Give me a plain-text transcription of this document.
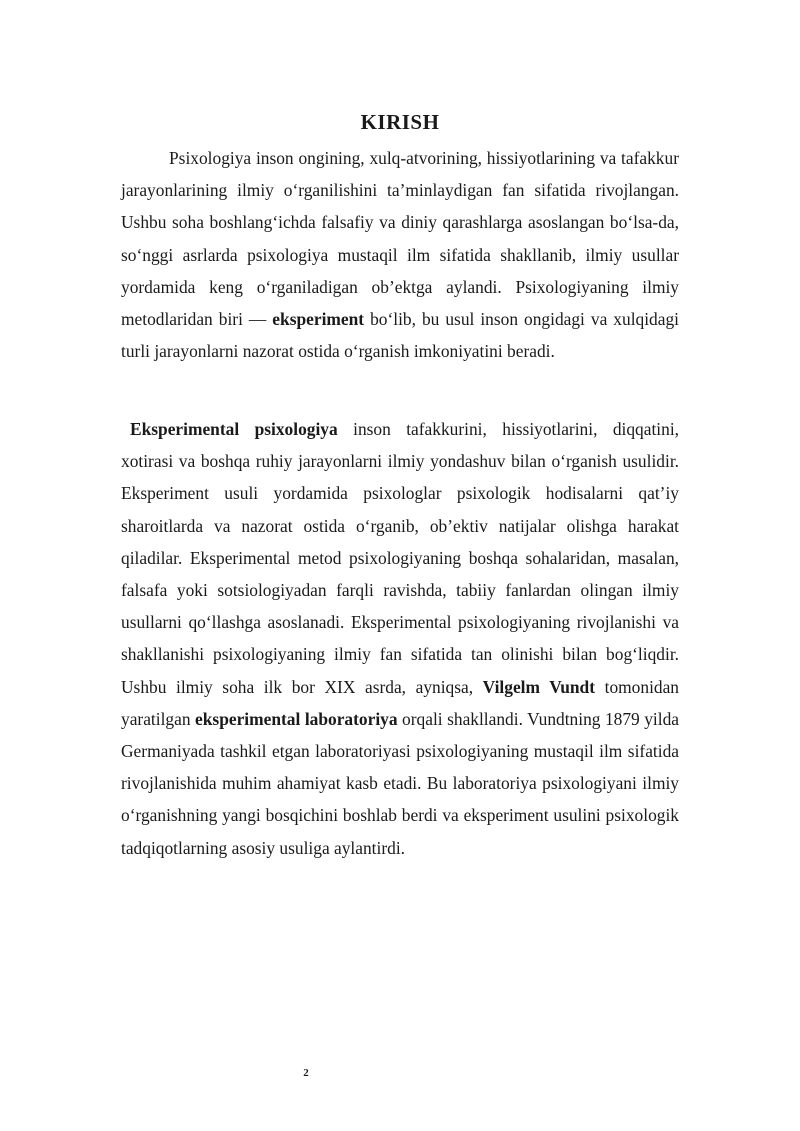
KIRISH

Psixologiya inson ongining, xulq-atvorining, hissiyotlarining va tafakkur jarayonlarining ilmiy o‘rganilishini ta’minlaydigan fan sifatida rivojlangan. Ushbu soha boshlang‘ichda falsafiy va diniy qarashlarga asoslangan bo‘lsa-da, so‘nggi asrlarda psixologiya mustaqil ilm sifatida shakllanib, ilmiy usullar yordamida keng o‘rganiladigan ob’ektga aylandi. Psixologiyaning ilmiy metodlaridan biri — eksperiment bo‘lib, bu usul inson ongidagi va xulqidagi turli jarayonlarni nazorat ostida o‘rganish imkoniyatini beradi.

Eksperimental psixologiya inson tafakkurini, hissiyotlarini, diqqatini, xotirasi va boshqa ruhiy jarayonlarni ilmiy yondashuv bilan o‘rganish usulidir. Eksperiment usuli yordamida psixologlar psixologik hodisalarni qat’iy sharoitlarda va nazorat ostida o‘rganib, ob’ektiv natijalar olishga harakat qiladilar. Eksperimental metod psixologiyaning boshqa sohalaridan, masalan, falsafa yoki sotsiologiyadan farqli ravishda, tabiiy fanlardan olingan ilmiy usullarni qo‘llashga asoslanadi. Eksperimental psixologiyaning rivojlanishi va shakllanishi psixologiyaning ilmiy fan sifatida tan olinishi bilan bog‘liqdir. Ushbu ilmiy soha ilk bor XIX asrda, ayniqsa, Vilgelm Vundt tomonidan yaratilgan eksperimental laboratoriya orqali shakllandi. Vundtning 1879 yilda Germaniyada tashkil etgan laboratoriyasi psixologiyaning mustaqil ilm sifatida rivojlanishida muhim ahamiyat kasb etadi. Bu laboratoriya psixologiyani ilmiy o‘rganishning yangi bosqichini boshlab berdi va eksperiment usulini psixologik tadqiqotlarning asosiy usuliga aylantirdi.

2
